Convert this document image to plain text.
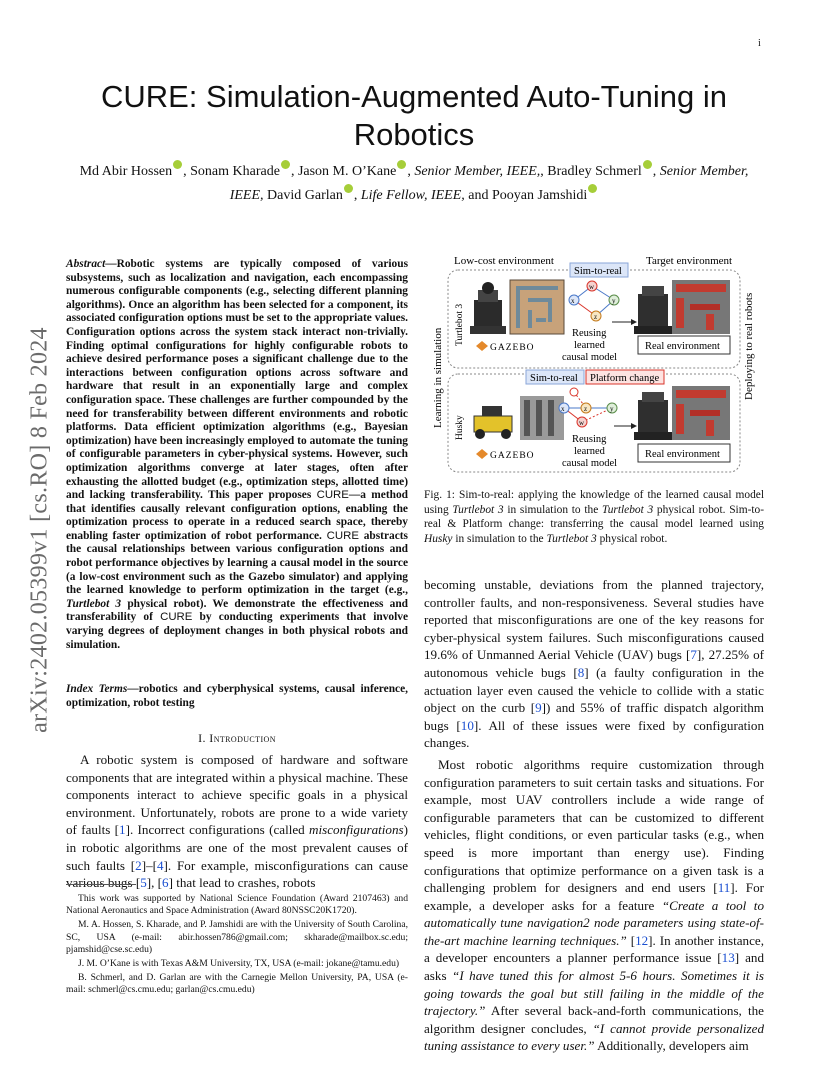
i
arXiv:2402.05399v1 [cs.RO] 8 Feb 2024
CURE: Simulation-Augmented Auto-Tuning in Robotics
Md Abir Hossen , Sonam Kharade , Jason M. O’Kane , Senior Member, IEEE,, Bradley Schmerl , Senior Member, IEEE, David Garlan , Life Fellow, IEEE, and Pooyan Jamshidi
Abstract—Robotic systems are typically composed of various subsystems, such as localization and navigation, each encompassing numerous configurable components (e.g., selecting different planning algorithms). Once an algorithm has been selected for a component, its associated configuration options must be set to the appropriate values. Configuration options across the system stack interact non-trivially. Finding optimal configurations for highly configurable robots to achieve desired performance poses a significant challenge due to the interactions between configuration options across software and hardware that result in an exponentially large and complex configuration space. These challenges are further compounded by the need for transferability between different environments and robotic platforms. Data efficient optimization algorithms (e.g., Bayesian optimization) have been increasingly employed to automate the tuning of configurable parameters in cyber-physical systems. However, such optimization algorithms converge at later stages, often after exhausting the allotted budget (e.g., optimization steps, allotted time) and lacking transferability. This paper proposes CURE—a method that identifies causally relevant configuration options, enabling the optimization process to operate in a reduced search space, thereby enabling faster optimization of robot performance. CURE abstracts the causal relationships between various configuration options and robot performance objectives by learning a causal model in the source (a low-cost environment such as the Gazebo simulator) and applying the learned knowledge to perform optimization in the target (e.g., Turtlebot 3 physical robot). We demonstrate the effectiveness and transferability of CURE by conducting experiments that involve varying degrees of deployment changes in both physical robots and simulation.
Index Terms—robotics and cyberphysical systems, causal inference, optimization, robot testing
I. Introduction
A robotic system is composed of hardware and software components that are integrated within a physical machine. These components interact to achieve specific goals in a physical environment. Unfortunately, robots are prone to a wide variety of faults [1]. Incorrect configurations (called misconfigurations) in robotic algorithms are one of the most prevalent causes of such faults [2]–[4]. For example, misconfigurations can cause various bugs [5], [6] that lead to crashes, robots

This work was supported by National Science Foundation (Award 2107463) and National Aeronautics and Space Administration (Award 80NSSC20K1720).

M. A. Hossen, S. Kharade, and P. Jamshidi are with the University of South Carolina, SC, USA (e-mail: abir.hossen786@gmail.com; skharade@mailbox.sc.edu; pjamshid@cse.sc.edu)

J. M. O’Kane is with Texas A&M University, TX, USA (e-mail: jokane@tamu.edu)

B. Schmerl, and D. Garlan are with the Carnegie Mellon University, PA, USA (e-mail: schmerl@cs.cmu.edu; garlan@cs.cmu.edu)

Low-cost environment	Target environment
Learning in simulation	Deploying to real robots
Sim-to-real
Turtlebot 3
GAZEBO
x
w
z
y
Reusing
learned
causal model
Real environment
Sim-to-real Platform change
Husky
GAZEBO
x	z	y
w
Reusing
learned
causal model
Real environment
Fig. 1: Sim-to-real: applying the knowledge of the learned causal model using Turtlebot 3 in simulation to the Turtlebot 3 physical robot. Sim-to-real & Platform change: transferring the causal model learned using Husky in simulation to the Turtlebot 3 physical robot.

becoming unstable, deviations from the planned trajectory, controller faults, and non-responsiveness. Several studies have reported that misconfigurations are one of the key reasons for cyber-physical system failures. Such misconfigurations caused 19.6% of Unmanned Aerial Vehicle (UAV) bugs [7], 27.25% of autonomous vehicle bugs [8] (a faulty configuration in the actuation layer even caused the vehicle to collide with a static object on the curb [9]) and 55% of traffic dispatch algorithm bugs [10]. All of these issues were fixed by configuration changes.

Most robotic algorithms require customization through configuration parameters to suit certain tasks and situations. For example, most UAV controllers include a wide range of configurable parameters that can be customized to different vehicles, flight conditions, or even particular tasks (e.g., when speed is more important than energy use). Finding configurations that optimize performance on a given task is a challenging problem for designers and end users [11]. For example, a developer asks for a feature “Create a tool to automatically tune navigation2 node parameters using state-of-the-art machine learning techniques.” [12]. In another instance, a developer encounters a planner performance issue [13] and asks “I have tuned this for almost 5-6 hours. Sometimes it is going towards the goal but still failing in the middle of the trajectory.” After several back-and-forth communications, the algorithm designer concludes, “I cannot provide personalized tuning assistance to every user.” Additionally, developers aim
